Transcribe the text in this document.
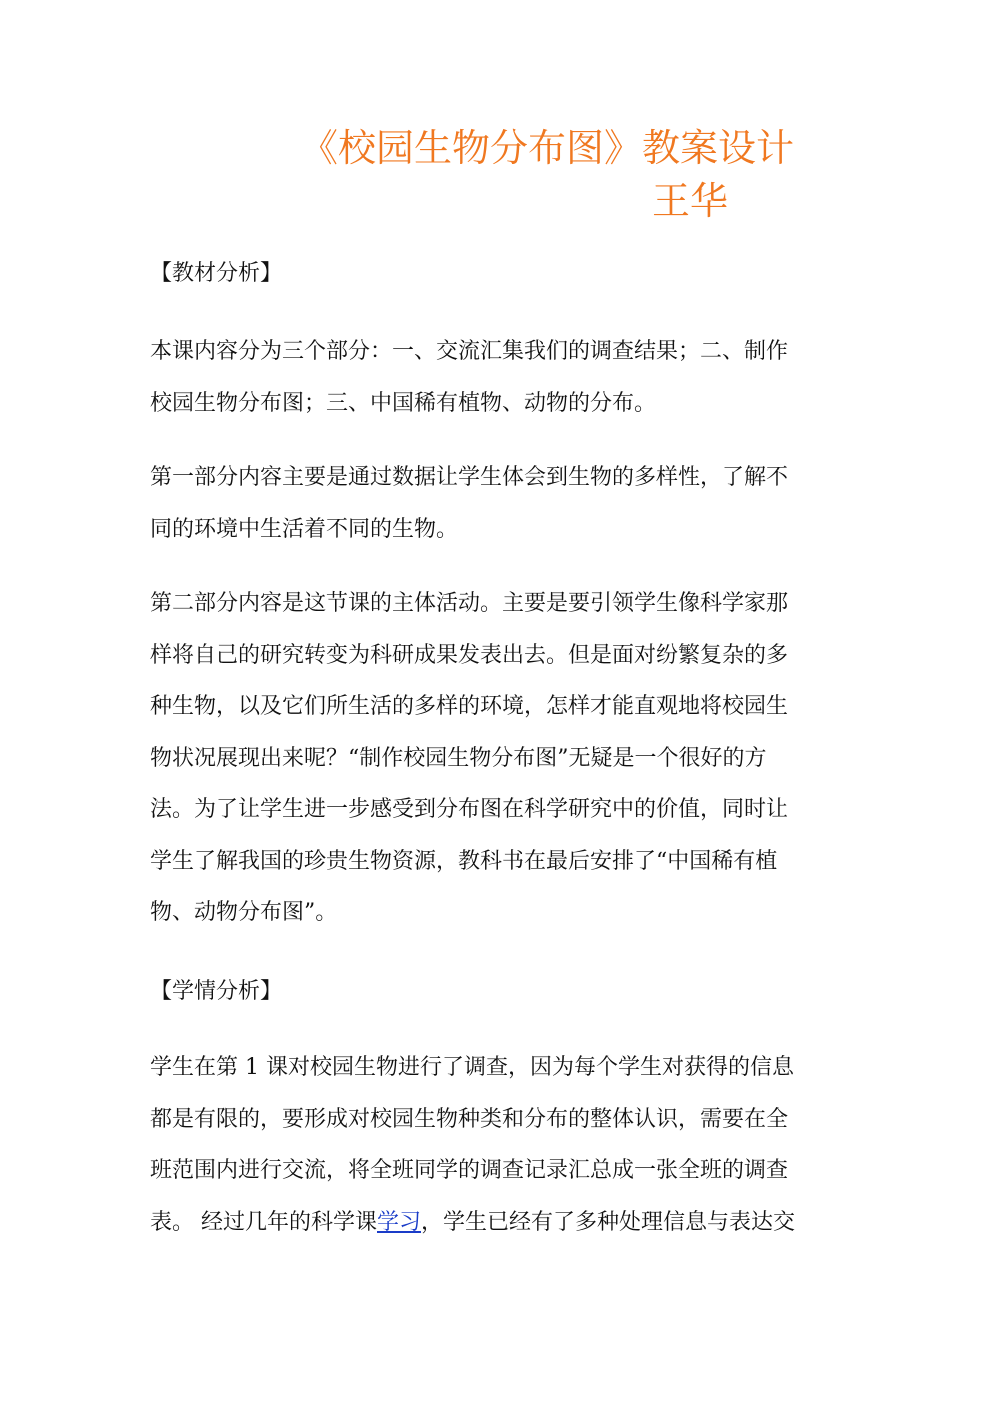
《校园生物分布图》教案设计
王华
【教材分析】
本课内容分为三个部分：一、交流汇集我们的调查结果；二、制作
校园生物分布图；三、中国稀有植物、动物的分布。
第一部分内容主要是通过数据让学生体会到生物的多样性，了解不
同的环境中生活着不同的生物。
第二部分内容是这节课的主体活动。主要是要引领学生像科学家那
样将自己的研究转变为科研成果发表出去。但是面对纷繁复杂的多
种生物，以及它们所生活的多样的环境，怎样才能直观地将校园生
物状况展现出来呢？“制作校园生物分布图”无疑是一个很好的方
法。为了让学生进一步感受到分布图在科学研究中的价值，同时让
学生了解我国的珍贵生物资源，教科书在最后安排了“中国稀有植
物、动物分布图”。
【学情分析】
学生在第 1 课对校园生物进行了调查，因为每个学生对获得的信息
都是有限的，要形成对校园生物种类和分布的整体认识，需要在全
班范围内进行交流，将全班同学的调查记录汇总成一张全班的调查
表。 经过几年的科学课学习，学生已经有了多种处理信息与表达交
